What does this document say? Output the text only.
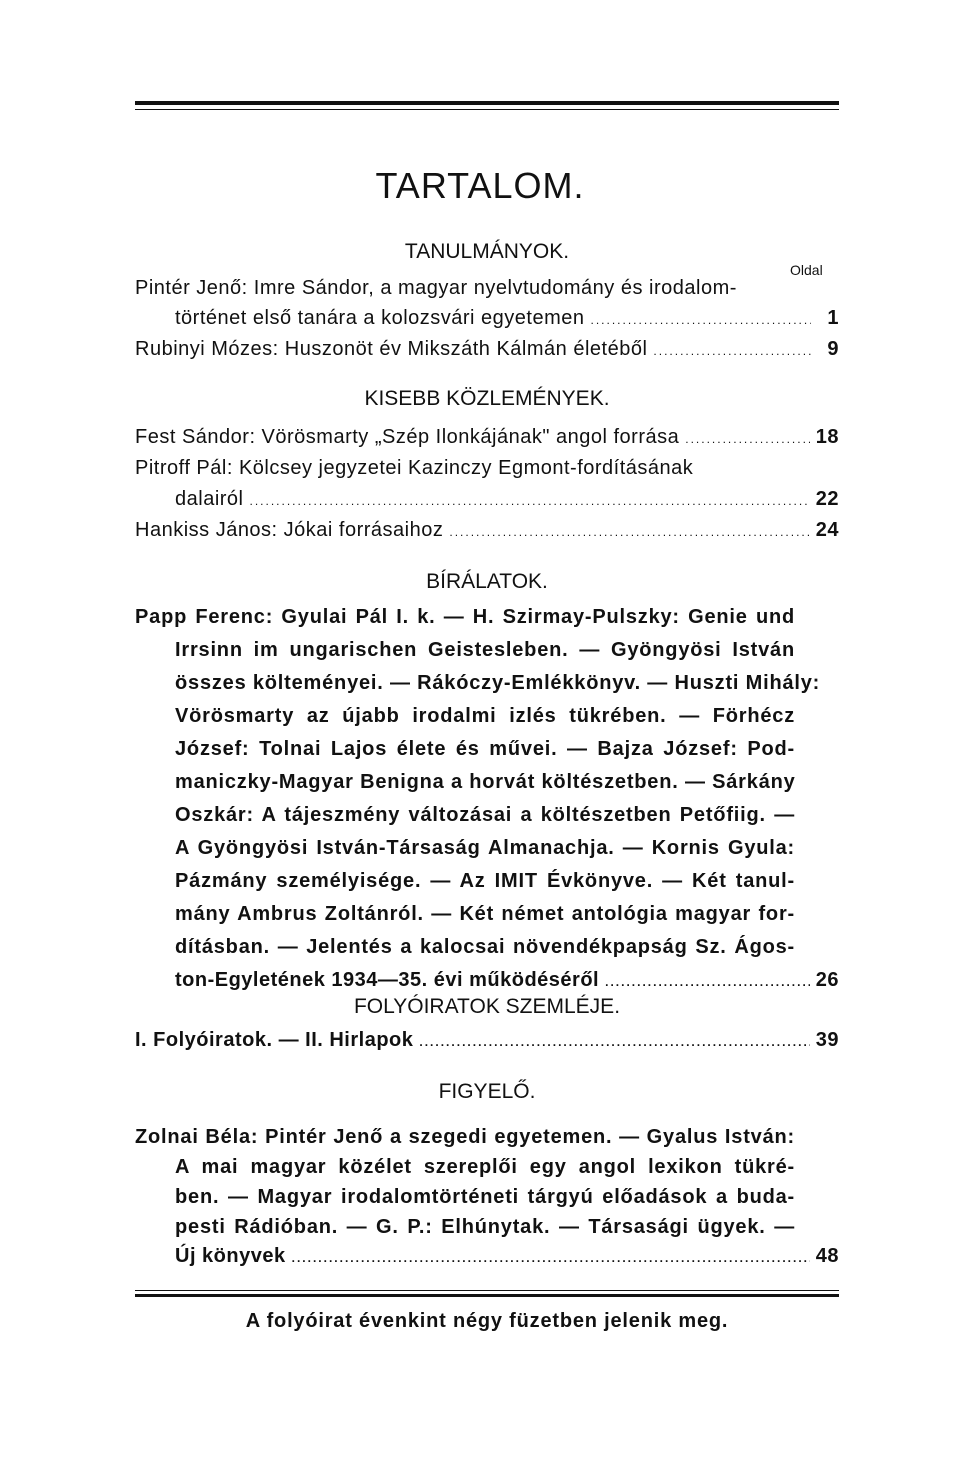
TARTALOM.
TANULMÁNYOK.
Oldal
Pintér Jenő: Imre Sándor, a magyar nyelvtudomány és irodalom-
történet első tanára a kolozsvári egyetemen .....	1
Rubinyi Mózes: Huszonöt év Mikszáth Kálmán életéből .....	9
KISEBB KÖZLEMÉNYEK.
Fest Sándor: Vörösmarty „Szép Ilonkájának" angol forrása .....	18
Pitroff Pál: Kölcsey jegyzetei Kazinczy Egmont-fordításának
dalairól .....	22
Hankiss János: Jókai forrásaihoz .....	24
BÍRÁLATOK.
Papp Ferenc: Gyulai Pál I. k. — H. Szirmay-Pulszky: Genie und
Irrsinn im ungarischen Geistesleben. — Gyöngyösi István
összes költeményei. — Rákóczy-Emlékkönyv. — Huszti Mihály:
Vörösmarty az újabb irodalmi izlés tükrében. — Förhécz
József: Tolnai Lajos élete és művei. — Bajza József: Pod-
maniczky-Magyar Benigna a horvát költészetben. — Sárkány
Oszkár: A tájeszmény változásai a költészetben Petőfiig. —
A Gyöngyösi István-Társaság Almanachja. — Kornis Gyula:
Pázmány személyisége. — Az IMIT Évkönyve. — Két tanul-
mány Ambrus Zoltánról. — Két német antológia magyar for-
dításban. — Jelentés a kalocsai növendékpapság Sz. Ágos-
ton-Egyletének 1934—35. évi működéséről .....	26
FOLYÓIRATOK SZEMLÉJE.
I. Folyóiratok. — II. Hirlapok .....	39
FIGYELŐ.
Zolnai Béla: Pintér Jenő a szegedi egyetemen. — Gyalus István:
A mai magyar közélet szereplői egy angol lexikon tükré-
ben. — Magyar irodalomtörténeti tárgyú előadások a buda-
pesti Rádióban. — G. P.: Elhúnytak. — Társasági ügyek. —
Új könyvek .....	48
A folyóirat évenkint négy füzetben jelenik meg.
